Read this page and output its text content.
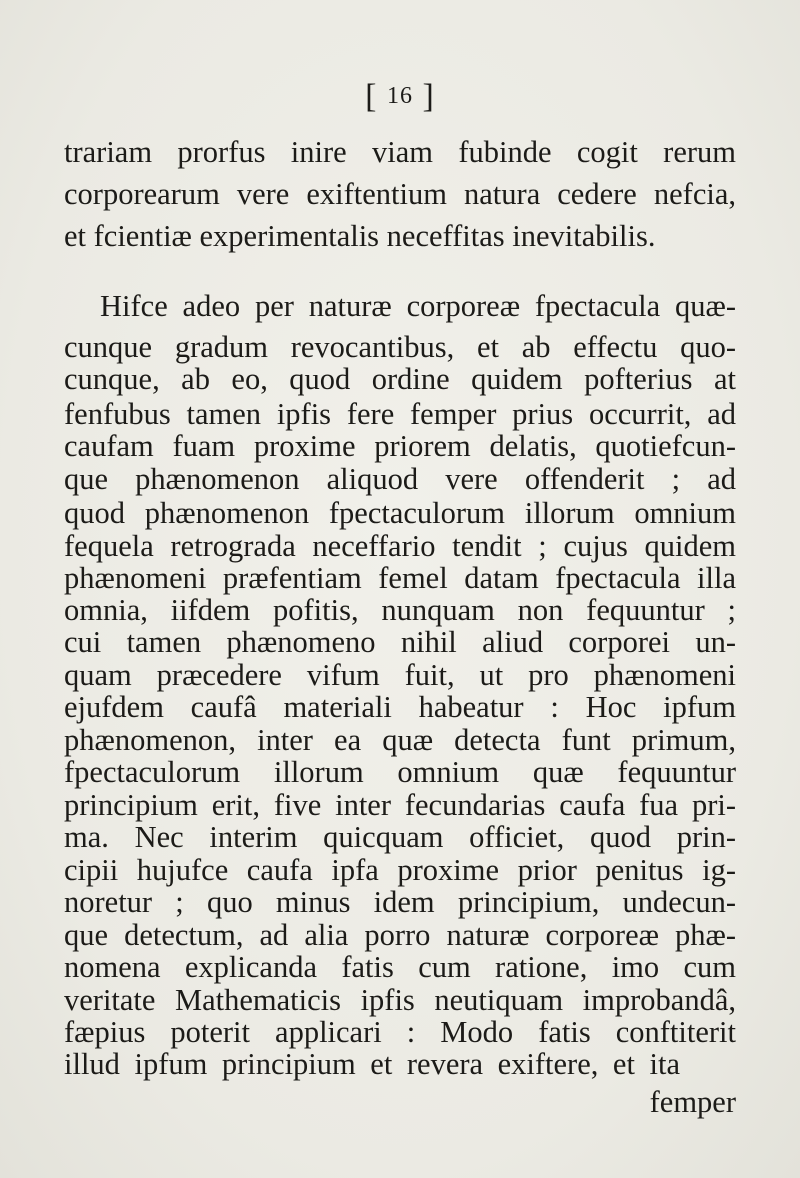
[ 16 ]
trariam prorfus inire viam fubinde cogit rerum
corporearum vere exiftentium natura cedere nefcia,
et fcientiæ experimentalis neceffitas inevitabilis.
Hifce adeo per naturæ corporeæ fpectacula quæ-
cunque gradum revocantibus, et ab effectu quo-
cunque, ab eo, quod ordine quidem pofterius at
fenfubus tamen ipfis fere femper prius occurrit, ad
caufam fuam proxime priorem delatis, quotiefcun-
que phænomenon aliquod vere offenderit ; ad
quod phænomenon fpectaculorum illorum omnium
fequela retrograda neceffario tendit ; cujus quidem
phænomeni præfentiam femel datam fpectacula illa
omnia, iifdem pofitis, nunquam non fequuntur ;
cui tamen phænomeno nihil aliud corporei un-
quam præcedere vifum fuit, ut pro phænomeni
ejufdem caufâ materiali habeatur : Hoc ipfum
phænomenon, inter ea quæ detecta funt primum,
fpectaculorum illorum omnium quæ fequuntur
principium erit, five inter fecundarias caufa fua pri-
ma. Nec interim quicquam officiet, quod prin-
cipii hujufce caufa ipfa proxime prior penitus ig-
noretur ; quo minus idem principium, undecun-
que detectum, ad alia porro naturæ corporeæ phæ-
nomena explicanda fatis cum ratione, imo cum
veritate Mathematicis ipfis neutiquam improbandâ,
fæpius poterit applicari : Modo fatis conftiterit
illud ipfum principium et revera exiftere, et ita
femper
